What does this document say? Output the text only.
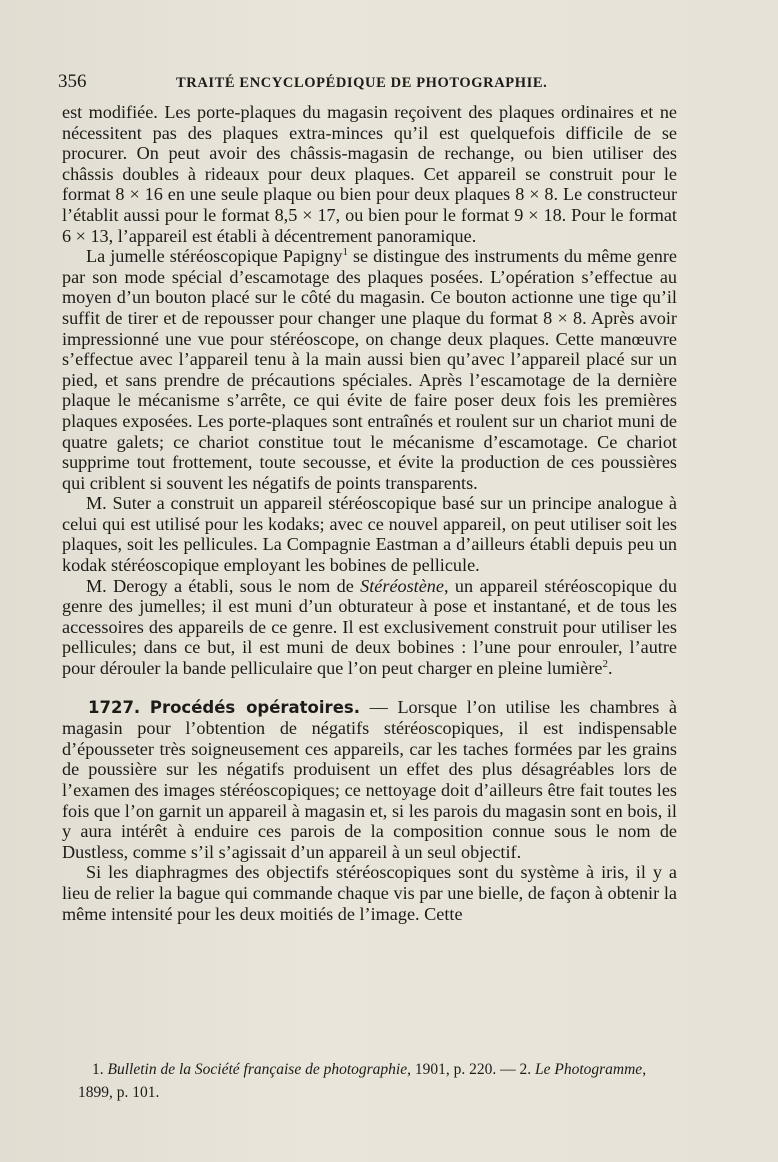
356	TRAITÉ ENCYCLOPÉDIQUE DE PHOTOGRAPHIE.

est modifiée. Les porte-plaques du magasin reçoivent des plaques ordinaires et ne nécessitent pas des plaques extra-minces qu’il est quelquefois difficile de se procurer. On peut avoir des châssis-magasin de rechange, ou bien utiliser des châssis doubles à rideaux pour deux plaques. Cet appareil se construit pour le format 8 × 16 en une seule plaque ou bien pour deux plaques 8 × 8. Le constructeur l’établit aussi pour le format 8,5 × 17, ou bien pour le format 9 × 18. Pour le format 6 × 13, l’appareil est établi à décentrement panoramique.

La jumelle stéréoscopique Papigny$^1$ se distingue des instruments du même genre par son mode spécial d’escamotage des plaques posées. L’opération s’effectue au moyen d’un bouton placé sur le côté du magasin. Ce bouton actionne une tige qu’il suffit de tirer et de repousser pour changer une plaque du format 8 × 8. Après avoir impressionné une vue pour stéréoscope, on change deux plaques. Cette manœuvre s’effectue avec l’appareil tenu à la main aussi bien qu’avec l’appareil placé sur un pied, et sans prendre de précautions spéciales. Après l’escamotage de la dernière plaque le mécanisme s’arrête, ce qui évite de faire poser deux fois les premières plaques exposées. Les porte-plaques sont entraînés et roulent sur un chariot muni de quatre galets; ce chariot constitue tout le mécanisme d’escamotage. Ce chariot supprime tout frottement, toute secousse, et évite la production de ces poussières qui criblent si souvent les négatifs de points transparents.

M. Suter a construit un appareil stéréoscopique basé sur un principe analogue à celui qui est utilisé pour les kodaks; avec ce nouvel appareil, on peut utiliser soit les plaques, soit les pellicules. La Compagnie Eastman a d’ailleurs établi depuis peu un kodak stéréoscopique employant les bobines de pellicule.

M. Derogy a établi, sous le nom de Stéréostène, un appareil stéréoscopique du genre des jumelles; il est muni d’un obturateur à pose et instantané, et de tous les accessoires des appareils de ce genre. Il est exclusivement construit pour utiliser les pellicules; dans ce but, il est muni de deux bobines : l’une pour enrouler, l’autre pour dérouler la bande pelliculaire que l’on peut charger en pleine lumière$^2$.

1727. Procédés opératoires. — Lorsque l’on utilise les chambres à magasin pour l’obtention de négatifs stéréoscopiques, il est indispensable d’épousseter très soigneusement ces appareils, car les taches formées par les grains de poussière sur les négatifs produisent un effet des plus désagréables lors de l’examen des images stéréoscopiques; ce nettoyage doit d’ailleurs être fait toutes les fois que l’on garnit un appareil à magasin et, si les parois du magasin sont en bois, il y aura intérêt à enduire ces parois de la composition connue sous le nom de Dustless, comme s’il s’agissait d’un appareil à un seul objectif.

Si les diaphragmes des objectifs stéréoscopiques sont du système à iris, il y a lieu de relier la bague qui commande chaque vis par une bielle, de façon à obtenir la même intensité pour les deux moitiés de l’image. Cette

1. Bulletin de la Société française de photographie, 1901, p. 220. — 2. Le Photogramme,

1899, p. 101.
